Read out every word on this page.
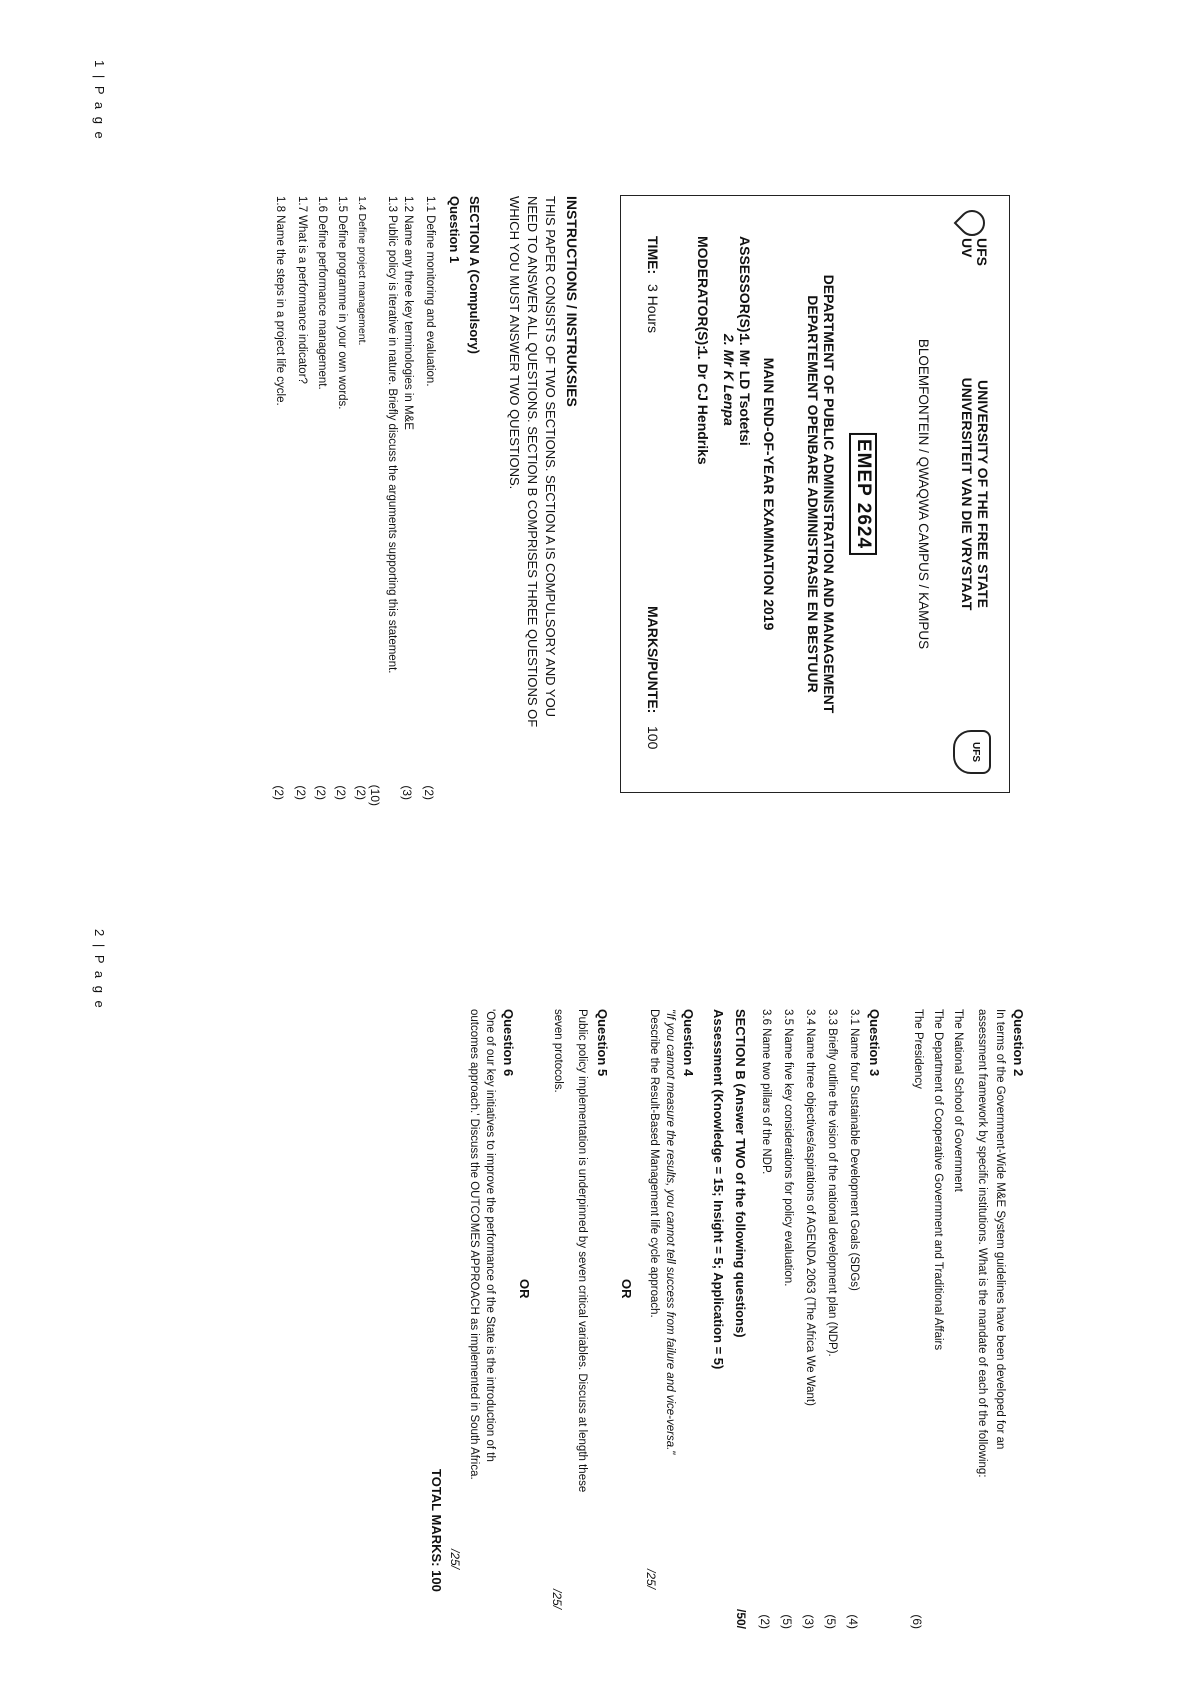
UFS
UV
UFS
UNIVERSITY OF THE FREE STATE
UNIVERSITEIT VAN DIE VRYSTAAT
BLOEMFONTEIN / QWAQWA CAMPUS / KAMPUS
EMEP 2624
DEPARTMENT OF PUBLIC ADMINISTRATION AND MANAGEMENT
DEPARTEMENT OPENBARE ADMINISTRASIE EN BESTUUR
MAIN END-OF-YEAR EXAMINATION 2019
ASSESSOR(S):
1. Mr LD Tsotetsi
2. Mr K Lenpa
MODERATOR(S):
1. Dr CJ Hendriks
TIME:
3 Hours
MARKS/PUNTE:
100
INSTRUCTIONS / INSTRUKSIES
THIS PAPER CONSISTS OF TWO SECTIONS. SECTION A IS COMPULSORY AND YOU
NEED TO ANSWER ALL QUESTIONS. SECTION B COMPRISES THREE QUESTIONS OF
WHICH YOU MUST ANSWER TWO QUESTIONS.
SECTION A (Compulsory)
Question 1
1.1 Define monitoring and evaluation.
(2)
1.2 Name any three key terminologies in M&E
(3)
1.3 Public policy is iterative in nature. Briefly discuss the arguments supporting this statement.
(10)
1.4 Define project management.
(2)
1.5 Define programme in your own words.
(2)
1.6 Define performance management.
(2)
1.7 What is a performance indicator?
(2)
1.8 Name the steps in a project life cycle.
(2)
1 | P a g e
Question 2
In terms of the Government-Wide M&E System guidelines have been developed for an
assessment framework by specific institutions. What is the mandate of each of the following:
The National School of Government
The Department of Cooperative Government and Traditional Affairs
The Presidency
(6)
Question 3
3.1 Name four Sustainable Development Goals (SDGs)
(4)
3.3 Briefly outline the vision of the national development plan (NDP).
(5)
3.4 Name three objectives/aspirations of AGENDA 2063 (The Africa We Want)
(3)
3.5 Name five key considerations for policy evaluation.
(5)
3.6 Name two pillars of the NDP.
(2)
/50/
SECTION B (Answer TWO of the following questions)
Assessment (Knowledge = 15; Insight = 5; Application = 5)
Question 4
"If you cannot measure the results, you cannot tell success from failure and vice-versa."
Describe the Result-Based Management life cycle approach.
/25/
OR
Question 5
Public policy implementation is underpinned by seven critical variables. Discuss at length these
seven protocols.
/25/
OR
Question 6
'One of our key initiatives to improve the performance of the State is the introduction of th
outcomes approach.' Discuss the OUTCOMES APPROACH as implemented in South Africa.
/25/
TOTAL MARKS: 100
2 | P a g e
